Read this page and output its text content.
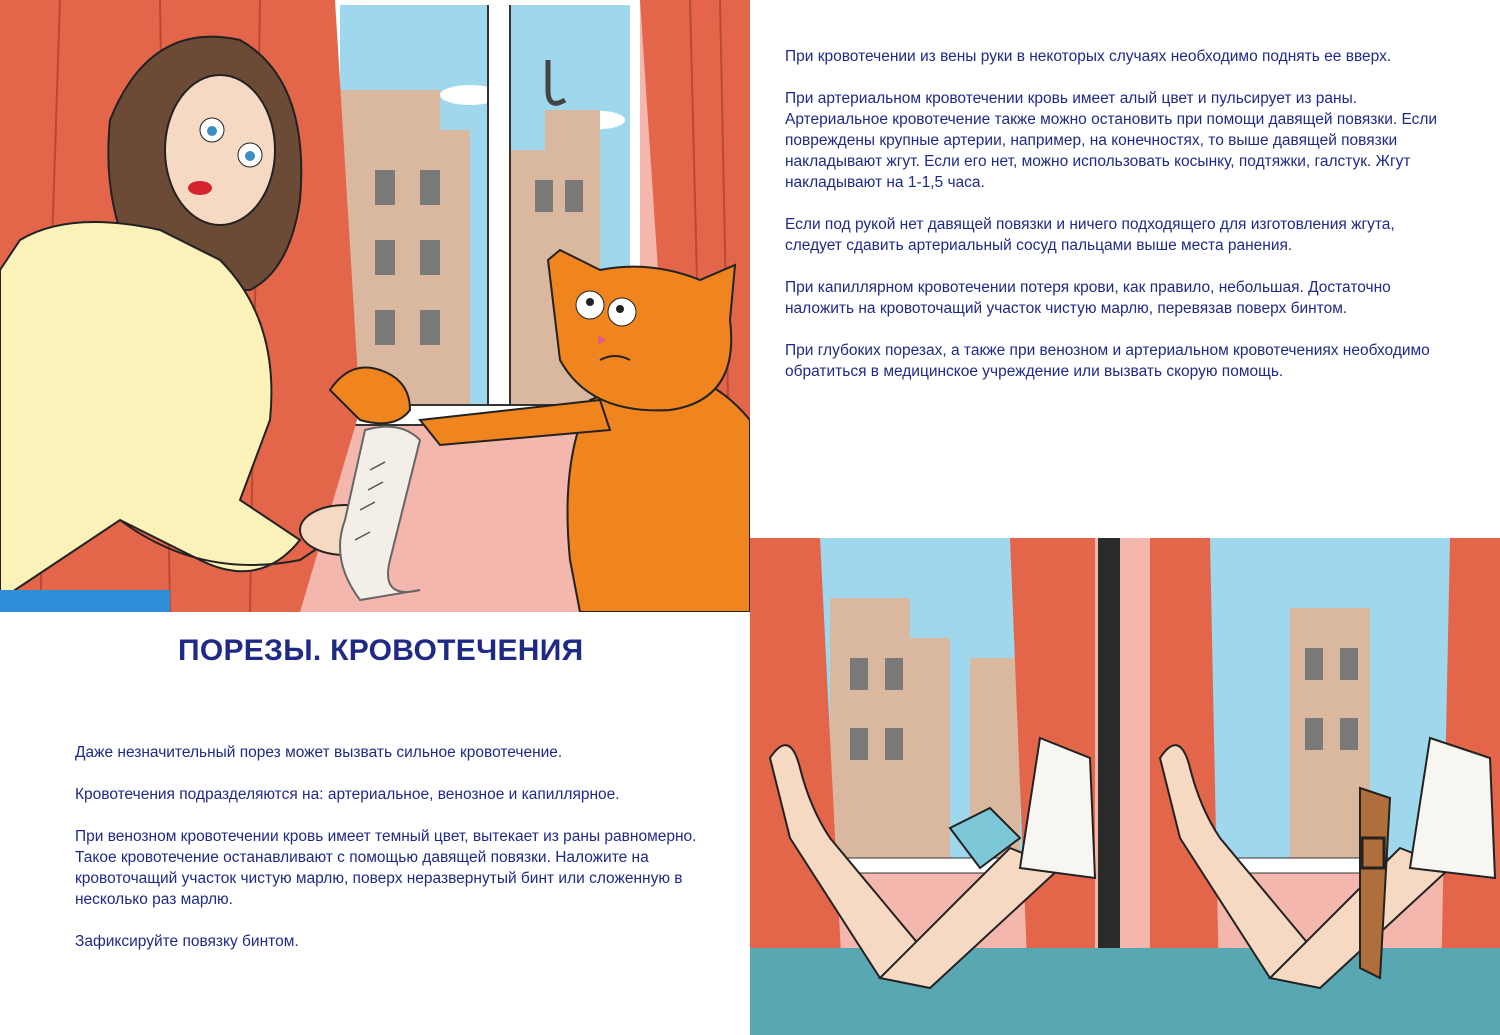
При кровотечении из вены руки в некоторых случаях необходимо поднять ее вверх.

При артериальном кровотечении кровь имеет алый цвет и пульсирует из раны. Артериальное кровотечение также можно остановить при помощи давящей повязки. Если повреждены крупные артерии, например, на конечностях, то выше давящей повязки накладывают жгут. Если его нет, можно использовать косынку, подтяжки, галстук. Жгут накладывают на 1-1,5 часа.

Если под рукой нет давящей повязки и ничего подходящего для изготовления жгута, следует сдавить артериальный сосуд пальцами выше места ранения.

При капиллярном кровотечении потеря крови, как правило, небольшая. Достаточно наложить на кровоточащий участок чистую марлю, перевязав поверх бинтом.

При глубоких порезах, а также при венозном и артериальном кровотечениях необходимо обратиться в медицинское учреждение или вызвать скорую помощь.

ПОРЕЗЫ. КРОВОТЕЧЕНИЯ

Даже незначительный порез может вызвать сильное кровотечение.

Кровотечения подразделяются на: артериальное, венозное и капиллярное.

При венозном кровотечении кровь имеет темный цвет, вытекает из раны равномерно. Такое кровотечение останавливают с помощью давящей повязки. Наложите на кровоточащий участок чистую марлю, поверх неразвернутый бинт или сложенную в несколько раз марлю.

Зафиксируйте повязку бинтом.
